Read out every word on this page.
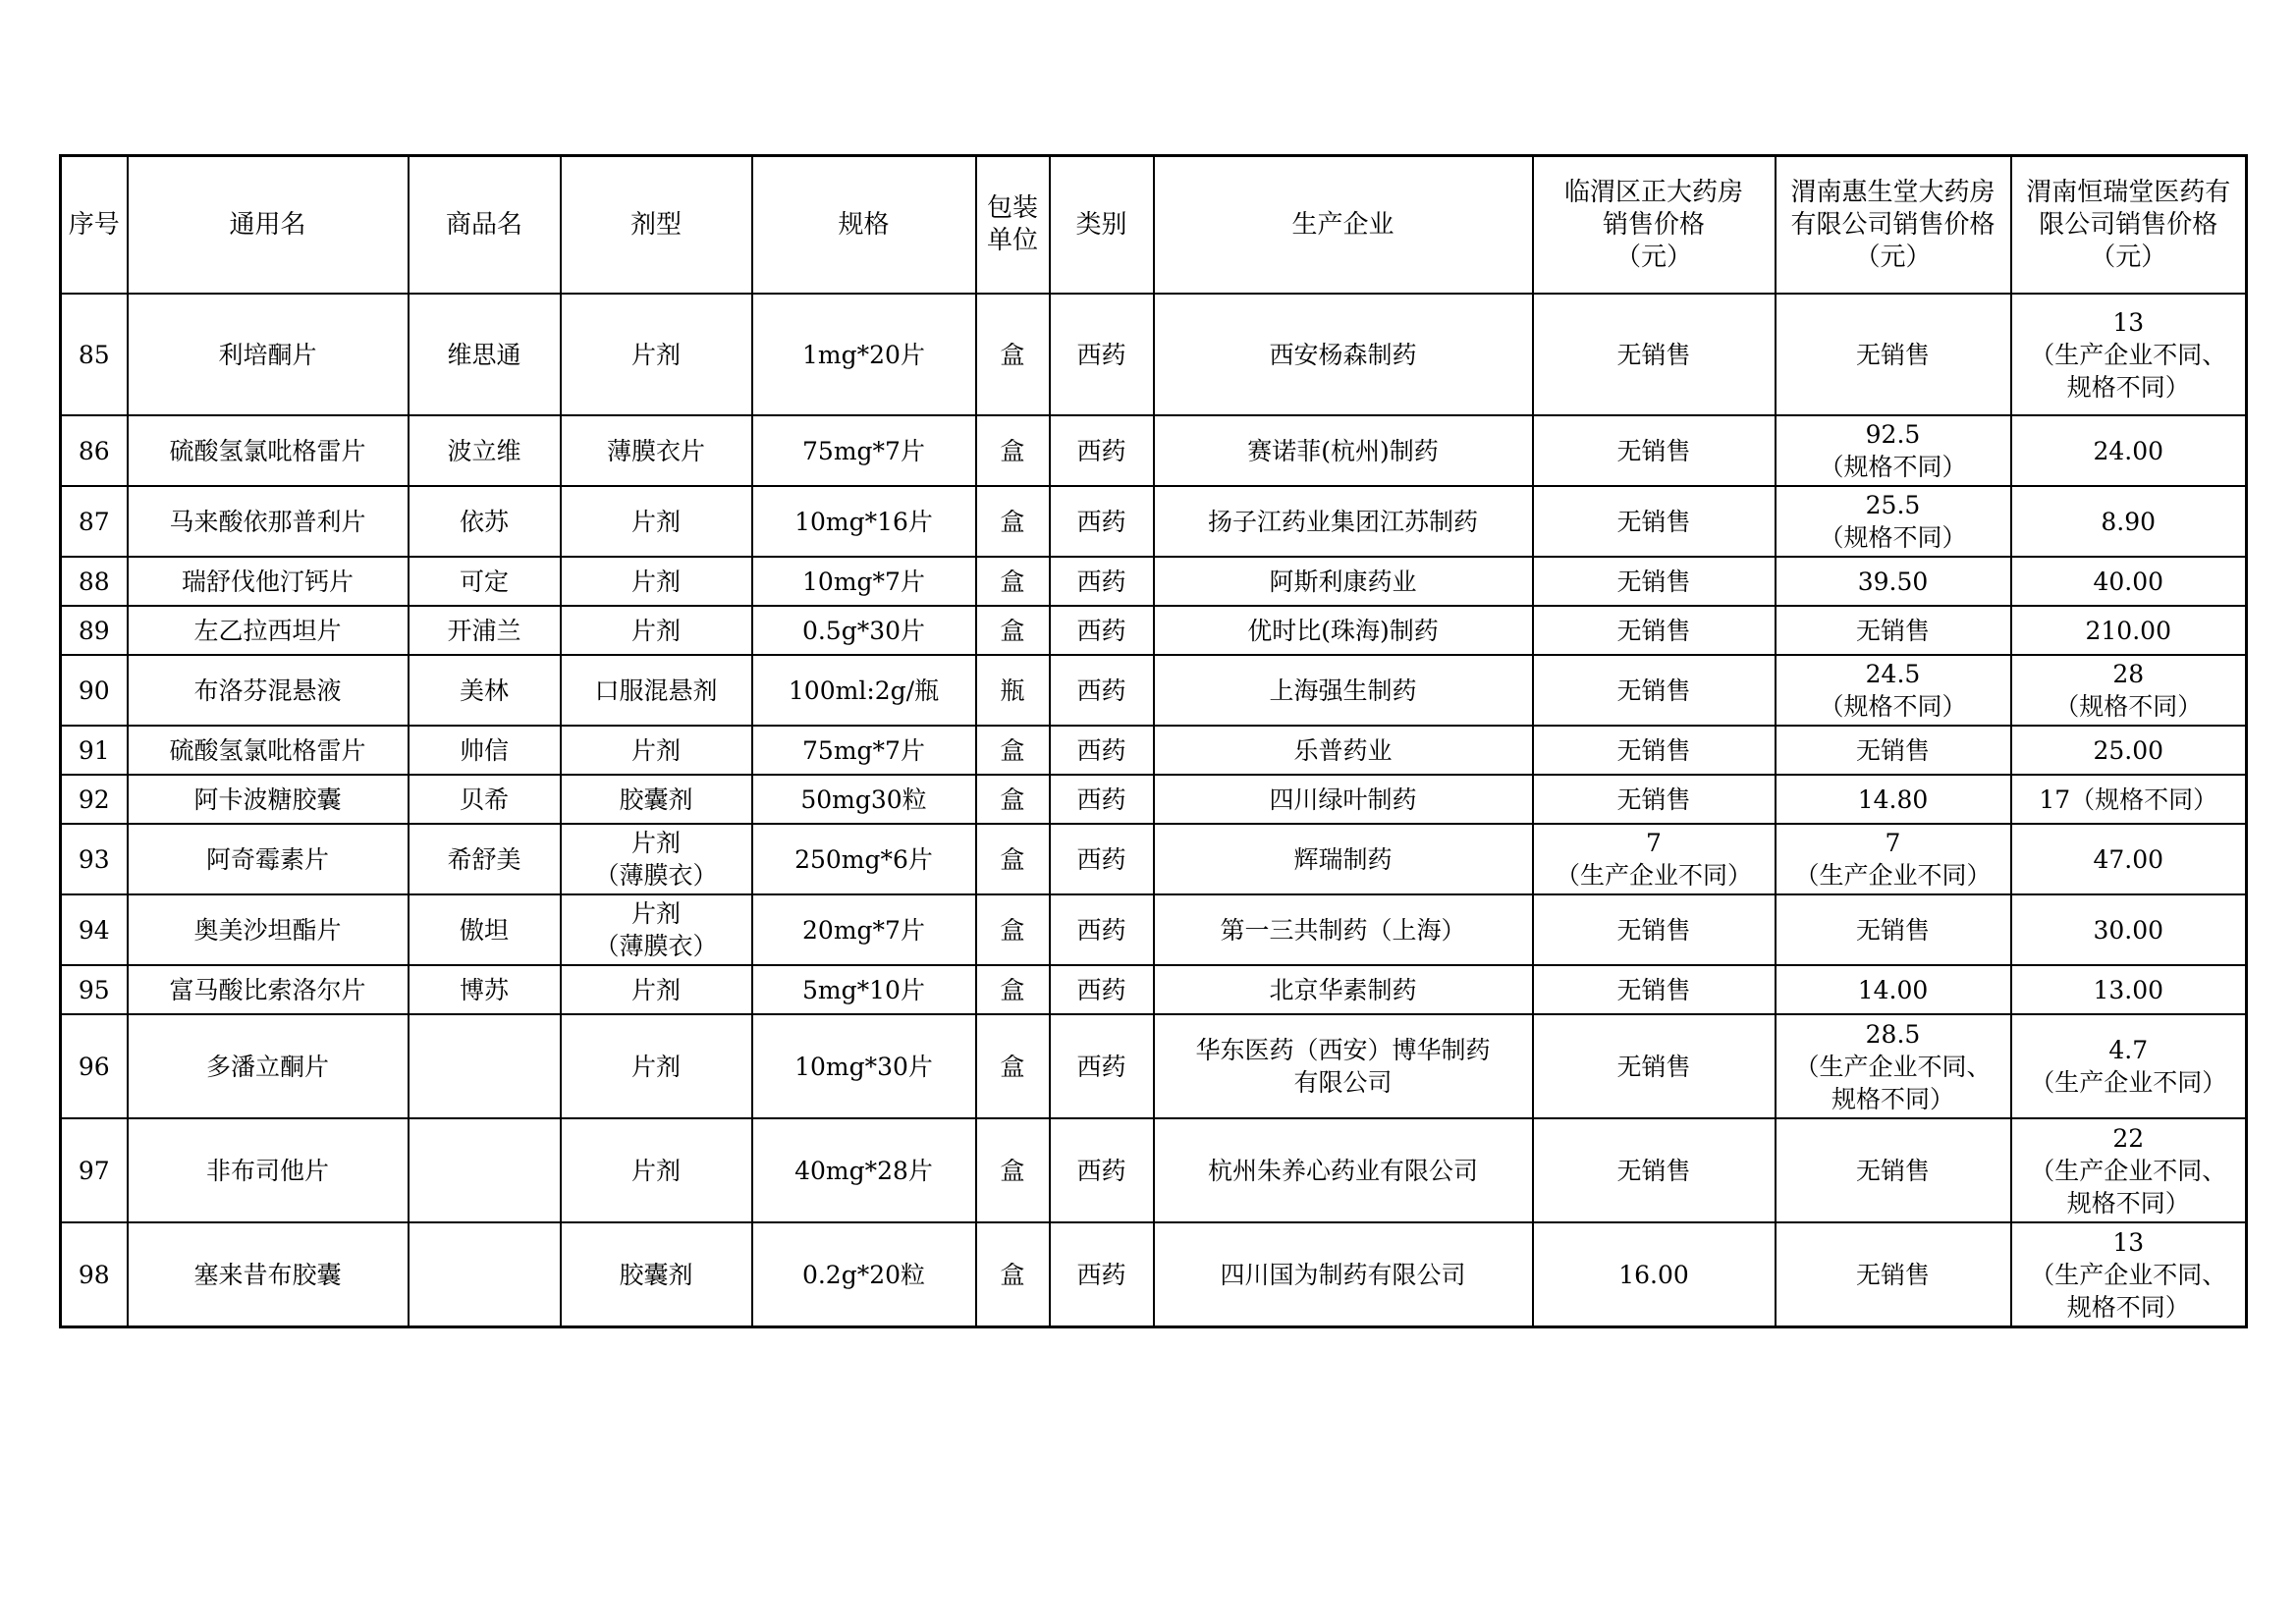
序号	通用名	商品名	剂型	规格	包装
单位	类别	生产企业	临渭区正大药房
销售价格
（元）	渭南惠生堂大药房
有限公司销售价格
（元）	渭南恒瑞堂医药有
限公司销售价格
（元）

85	利培酮片	维思通	片剂	1mg*20片	盒	西药	西安杨森制药	无销售	无销售	13
（生产企业不同、
规格不同）

86	硫酸氢氯吡格雷片	波立维	薄膜衣片	75mg*7片	盒	西药	赛诺菲(杭州)制药	无销售	92.5
（规格不同）	24.00

87	马来酸依那普利片	依苏	片剂	10mg*16片	盒	西药	扬子江药业集团江苏制药	无销售	25.5
（规格不同）	8.90

88	瑞舒伐他汀钙片	可定	片剂	10mg*7片	盒	西药	阿斯利康药业	无销售	39.50	40.00

89	左乙拉西坦片	开浦兰	片剂	0.5g*30片	盒	西药	优时比(珠海)制药	无销售	无销售	210.00

90	布洛芬混悬液	美林	口服混悬剂	100ml:2g/瓶	瓶	西药	上海强生制药	无销售	24.5
（规格不同）	28
（规格不同）

91	硫酸氢氯吡格雷片	帅信	片剂	75mg*7片	盒	西药	乐普药业	无销售	无销售	25.00

92	阿卡波糖胶囊	贝希	胶囊剂	50mg30粒	盒	西药	四川绿叶制药	无销售	14.80	17（规格不同）

93	阿奇霉素片	希舒美	片剂
（薄膜衣）	250mg*6片	盒	西药	辉瑞制药	7
（生产企业不同）	7
（生产企业不同）	47.00

94	奥美沙坦酯片	傲坦	片剂
（薄膜衣）	20mg*7片	盒	西药	第一三共制药（上海）	无销售	无销售	30.00

95	富马酸比索洛尔片	博苏	片剂	5mg*10片	盒	西药	北京华素制药	无销售	14.00	13.00

96	多潘立酮片		片剂	10mg*30片	盒	西药	华东医药（西安）博华制药
有限公司	无销售	28.5
（生产企业不同、
规格不同）	4.7
（生产企业不同）

97	非布司他片		片剂	40mg*28片	盒	西药	杭州朱养心药业有限公司	无销售	无销售	22
（生产企业不同、
规格不同）

98	塞来昔布胶囊		胶囊剂	0.2g*20粒	盒	西药	四川国为制药有限公司	16.00	无销售	13
（生产企业不同、
规格不同）
